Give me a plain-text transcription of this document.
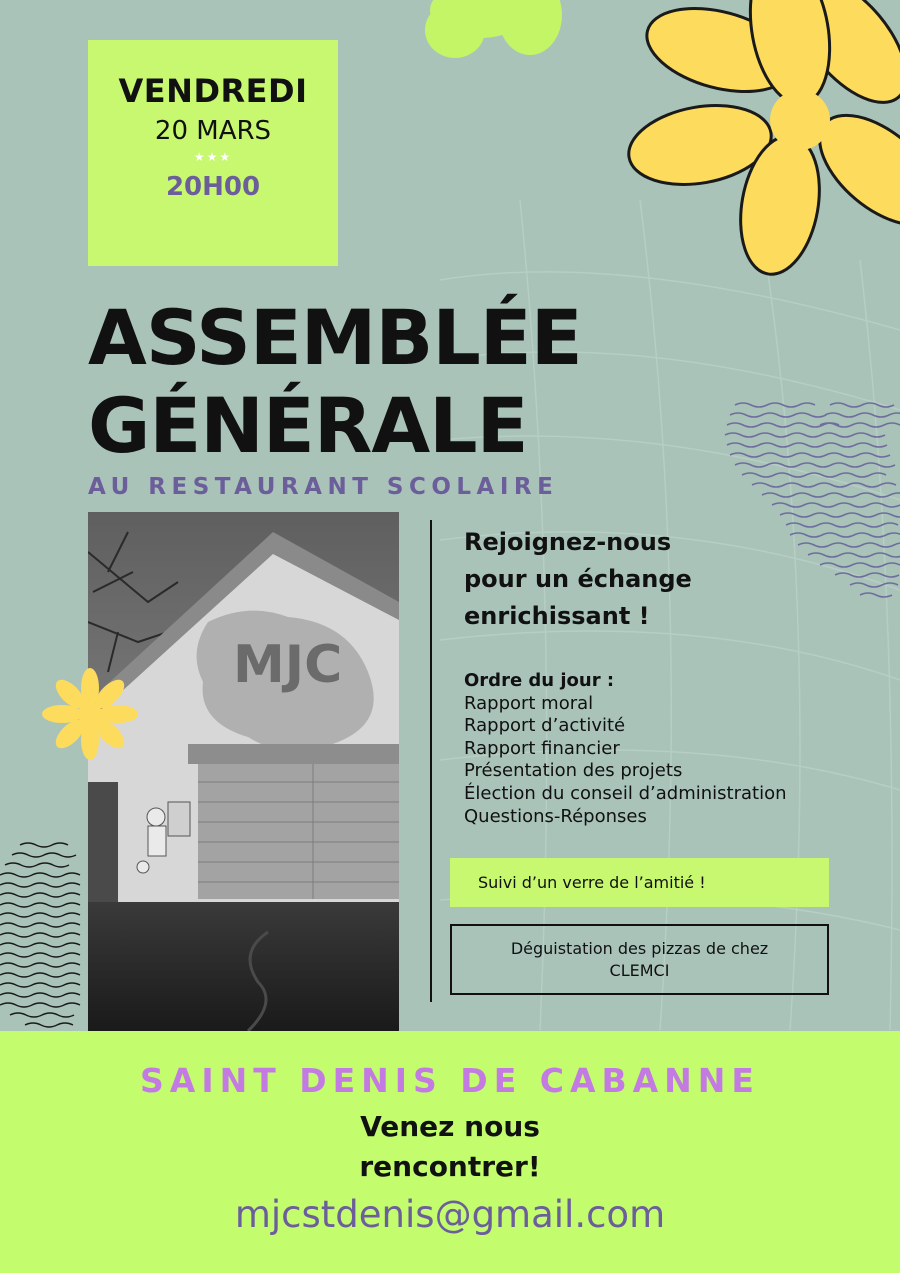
VENDREDI
20 MARS
★★★
20H00
ASSEMBLÉE
GÉNÉRALE
AU RESTAURANT SCOLAIRE
MJC
Rejoignez-nous
pour un échange
enrichissant !
Ordre du jour :
Rapport moral
Rapport d’activité
Rapport financier
Présentation des projets
Élection du conseil d’administration
Questions-Réponses
Suivi d’un verre de l’amitié !
Déguistation des pizzas de chez
CLEMCI
SAINT DENIS DE CABANNE
Venez nous
rencontrer!
mjcstdenis@gmail.com
